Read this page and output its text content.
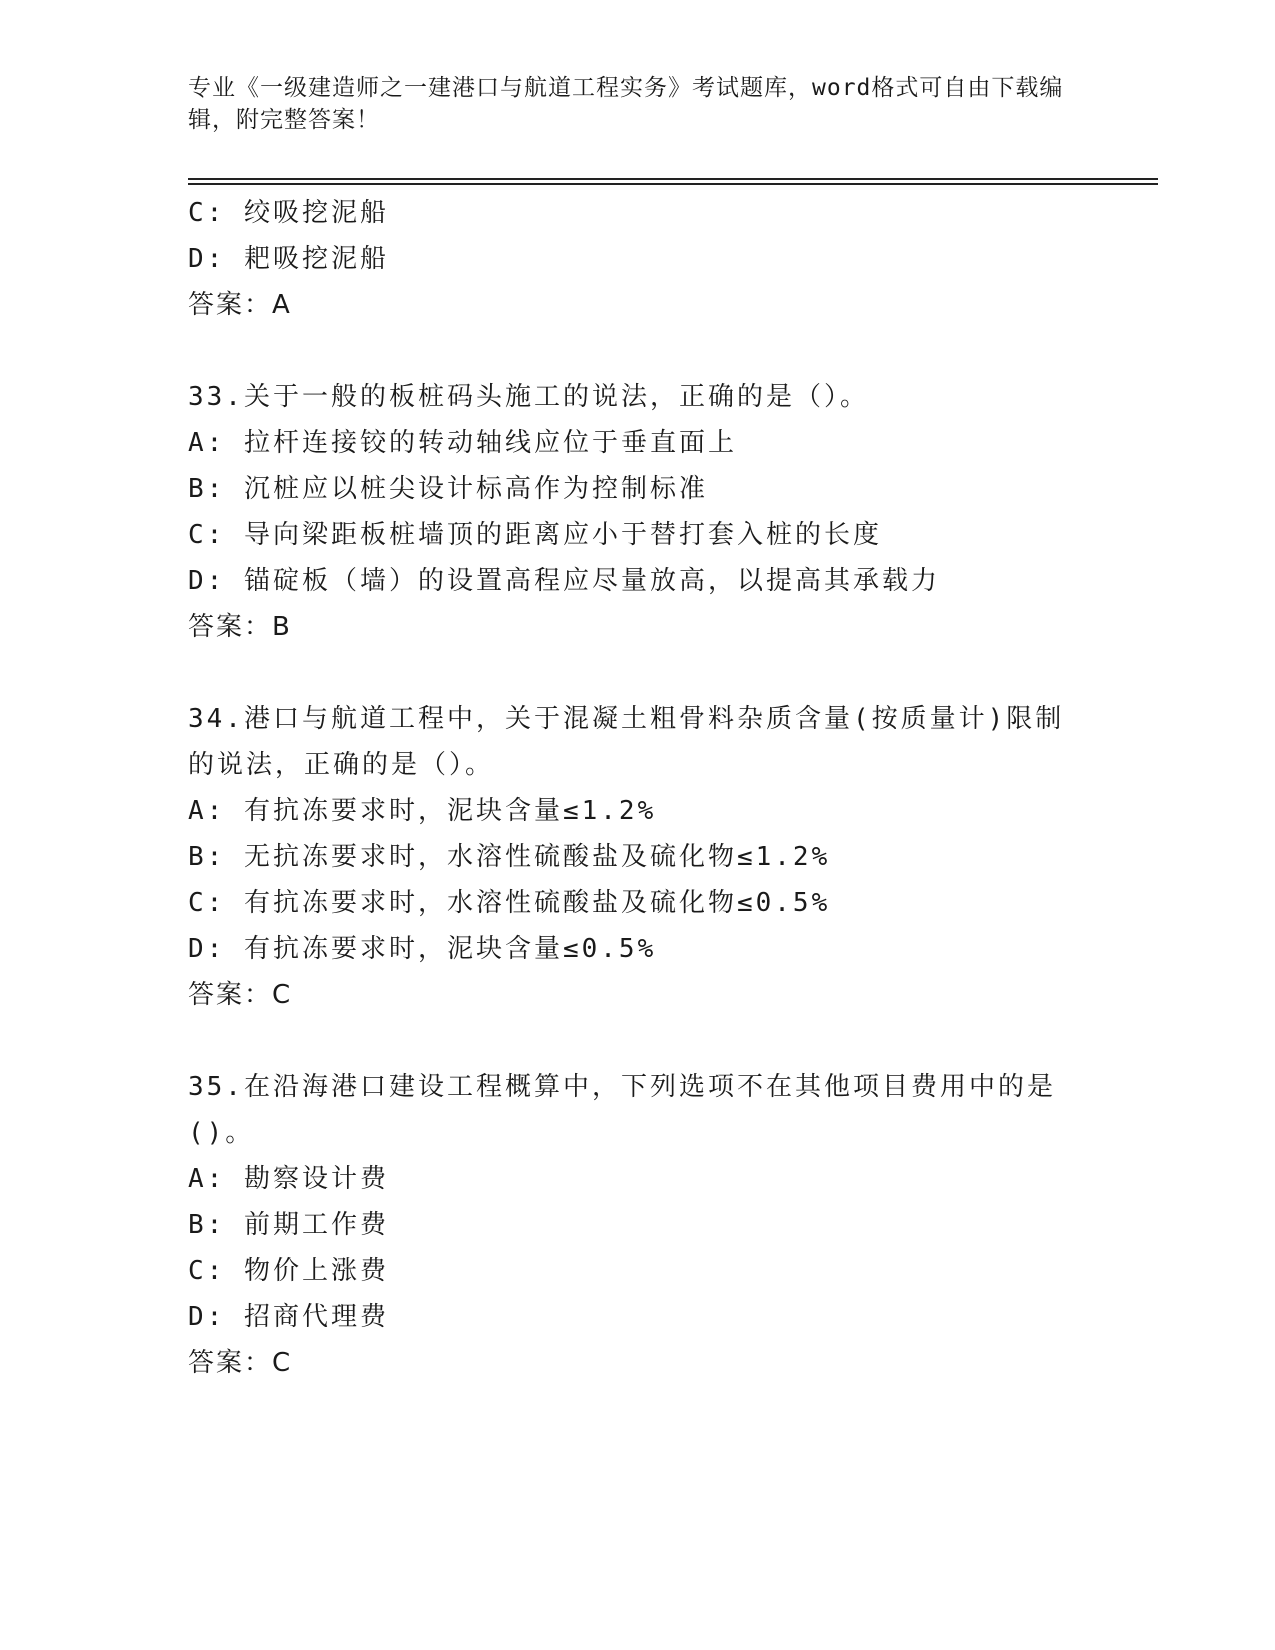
专业《一级建造师之一建港口与航道工程实务》考试题库，word格式可自由下载编辑，附完整答案！
C: 绞吸挖泥船
D: 耙吸挖泥船
答案：A
33.关于一般的板桩码头施工的说法，正确的是（）。
A: 拉杆连接铰的转动轴线应位于垂直面上
B: 沉桩应以桩尖设计标高作为控制标准
C: 导向梁距板桩墙顶的距离应小于替打套入桩的长度
D: 锚碇板（墙）的设置高程应尽量放高，以提高其承载力
答案：B
34.港口与航道工程中，关于混凝土粗骨料杂质含量(按质量计)限制的说法，正确的是（）。
A: 有抗冻要求时，泥块含量≤1.2%
B: 无抗冻要求时，水溶性硫酸盐及硫化物≤1.2%
C: 有抗冻要求时，水溶性硫酸盐及硫化物≤0.5%
D: 有抗冻要求时，泥块含量≤0.5%
答案：C
35.在沿海港口建设工程概算中，下列选项不在其他项目费用中的是()。
A: 勘察设计费
B: 前期工作费
C: 物价上涨费
D: 招商代理费
答案：C
